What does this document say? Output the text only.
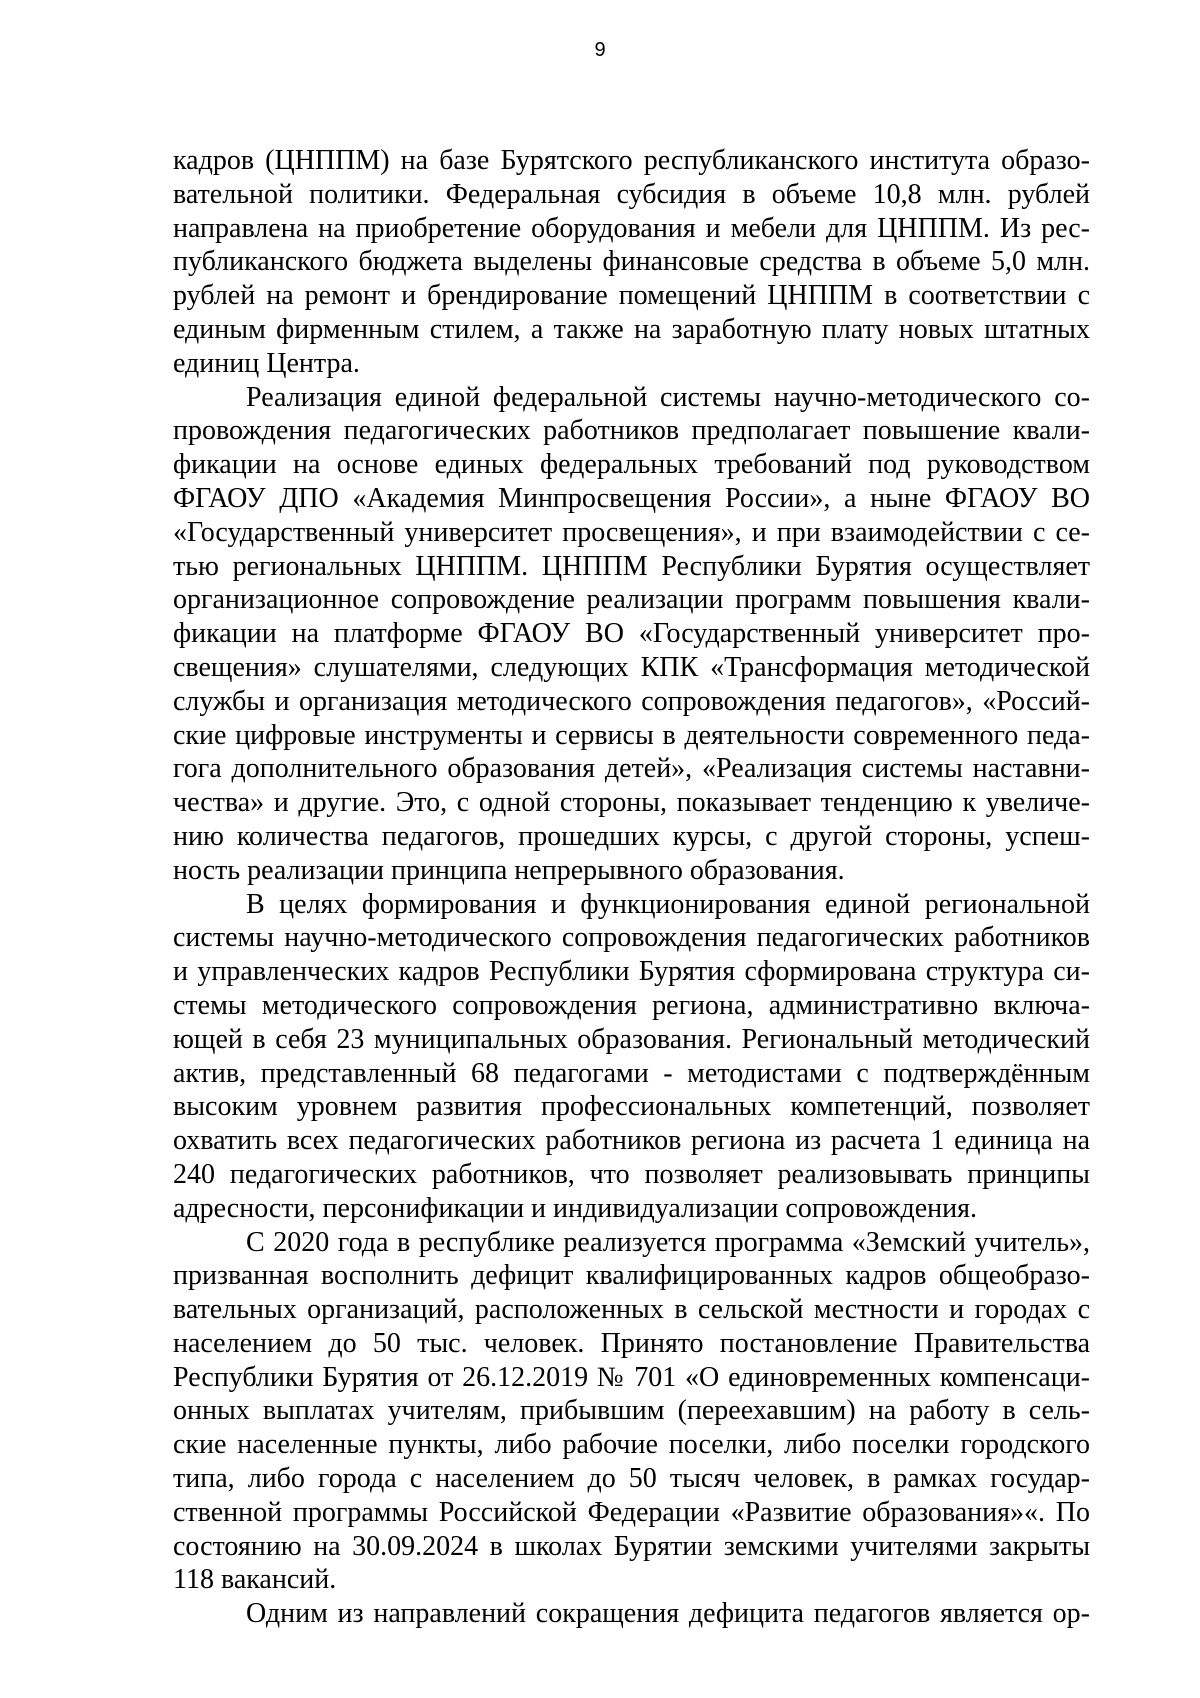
9
кадров (ЦНППМ) на базе Бурятского республиканского института образо-
вательной политики. Федеральная субсидия в объеме 10,8 млн. рублей
направлена на приобретение оборудования и мебели для ЦНППМ. Из рес-
публиканского бюджета выделены финансовые средства в объеме 5,0 млн.
рублей на ремонт и брендирование помещений ЦНППМ в соответствии с
единым фирменным стилем, а также на заработную плату новых штатных
единиц Центра.
Реализация единой федеральной системы научно-методического со-
провождения педагогических работников предполагает повышение квали-
фикации на основе единых федеральных требований под руководством
ФГАОУ ДПО «Академия Минпросвещения России», а ныне ФГАОУ ВО
«Государственный университет просвещения», и при взаимодействии с се-
тью региональных ЦНППМ. ЦНППМ Республики Бурятия осуществляет
организационное сопровождение реализации программ повышения квали-
фикации на платформе ФГАОУ ВО «Государственный университет про-
свещения» слушателями, следующих КПК «Трансформация методической
службы и организация методического сопровождения педагогов», «Россий-
ские цифровые инструменты и сервисы в деятельности современного педа-
гога дополнительного образования детей», «Реализация системы наставни-
чества» и другие. Это, с одной стороны, показывает тенденцию к увеличе-
нию количества педагогов, прошедших курсы, с другой стороны, успеш-
ность реализации принципа непрерывного образования.
В целях формирования и функционирования единой региональной
системы научно-методического сопровождения педагогических работников
и управленческих кадров Республики Бурятия сформирована структура си-
стемы методического сопровождения региона, административно включа-
ющей в себя 23 муниципальных образования. Региональный методический
актив, представленный 68 педагогами - методистами с подтверждённым
высоким уровнем развития профессиональных компетенций, позволяет
охватить всех педагогических работников региона из расчета 1 единица на
240 педагогических работников, что позволяет реализовывать принципы
адресности, персонификации и индивидуализации сопровождения.
С 2020 года в республике реализуется программа «Земский учитель»,
призванная восполнить дефицит квалифицированных кадров общеобразо-
вательных организаций, расположенных в сельской местности и городах с
населением до 50 тыс. человек. Принято постановление Правительства
Республики Бурятия от 26.12.2019 № 701 «О единовременных компенсаци-
онных выплатах учителям, прибывшим (переехавшим) на работу в сель-
ские населенные пункты, либо рабочие поселки, либо поселки городского
типа, либо города с населением до 50 тысяч человек, в рамках государ-
ственной программы Российской Федерации «Развитие образования»«. По
состоянию на 30.09.2024 в школах Бурятии земскими учителями закрыты
118 вакансий.
Одним из направлений сокращения дефицита педагогов является ор-
